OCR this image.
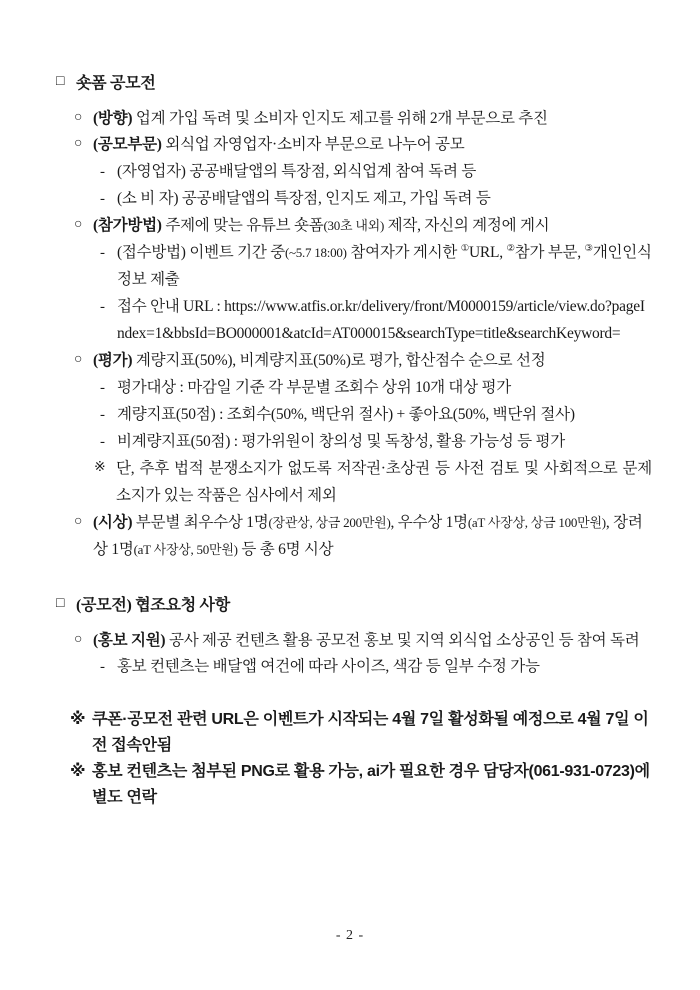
□ 숏폼 공모전
○ (방향) 업계 가입 독려 및 소비자 인지도 제고를 위해 2개 부문으로 추진
○ (공모부문) 외식업 자영업자·소비자 부문으로 나누어 공모
- (자영업자) 공공배달앱의 특장점, 외식업계 참여 독려 등
- (소 비 자) 공공배달앱의 특장점, 인지도 제고, 가입 독려 등
○ (참가방법) 주제에 맞는 유튜브 숏폼(30초 내외) 제작, 자신의 계정에 게시
- (접수방법) 이벤트 기간 중(~5.7 18:00) 참여자가 게시한 ①URL, ②참가 부문, ③개인인식정보 제출
- 접수 안내 URL : https://www.atfis.or.kr/delivery/front/M0000159/article/view.do?pageIndex=1&bbsId=BO000001&atcId=AT000015&searchType=title&searchKeyword=
○ (평가) 계량지표(50%), 비계량지표(50%)로 평가, 합산점수 순으로 선정
- 평가대상 : 마감일 기준 각 부문별 조회수 상위 10개 대상 평가
- 계량지표(50점) : 조회수(50%, 백단위 절사) + 좋아요(50%, 백단위 절사)
- 비계량지표(50점) : 평가위원이 창의성 및 독창성, 활용 가능성 등 평가
※ 단, 추후 법적 분쟁소지가 없도록 저작권·초상권 등 사전 검토 및 사회적으로 문제 소지가 있는 작품은 심사에서 제외
○ (시상) 부문별 최우수상 1명(장관상, 상금 200만원), 우수상 1명(aT 사장상, 상금 100만원), 장려상 1명(aT 사장상, 50만원) 등 총 6명 시상
□ (공모전) 협조요청 사항
○ (홍보 지원) 공사 제공 컨텐츠 활용 공모전 홍보 및 지역 외식업 소상공인 등 참여 독려
- 홍보 컨텐츠는 배달앱 여건에 따라 사이즈, 색감 등 일부 수정 가능
※ 쿠폰·공모전 관련 URL은 이벤트가 시작되는 4월 7일 활성화될 예정으로 4월 7일 이전 접속안됨
※ 홍보 컨텐츠는 첨부된 PNG로 활용 가능, ai가 필요한 경우 담당자(061-931-0723)에 별도 연락
- 2 -
